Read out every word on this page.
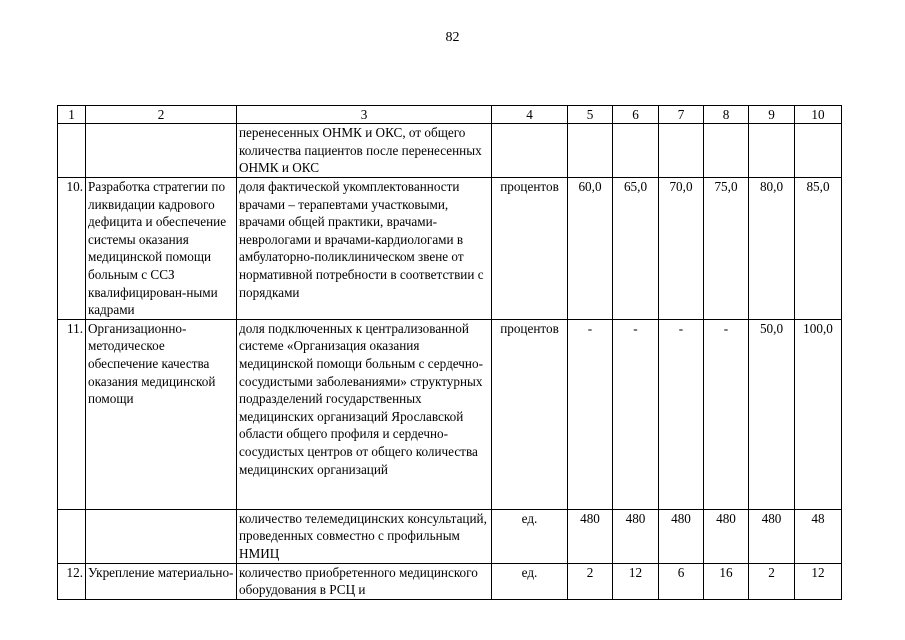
82
1	2	3	4	5	6	7	8	9	10
		перенесенных ОНМК и ОКС, от общего количества пациентов после перенесенных ОНМК и ОКС							
10.	Разработка стратегии по ликвидации кадрового дефицита и обеспечение системы оказания медицинской помощи больным с ССЗ квалифицирован-ными кадрами	доля фактической укомплектованности врачами – терапевтами участковыми, врачами общей практики, врачами-неврологами и врачами-кардиологами в амбулаторно-поликлиническом звене от нормативной потребности в соответствии с порядками	процентов	60,0	65,0	70,0	75,0	80,0	85,0
11.	Организационно-методическое обеспечение качества оказания медицинской помощи	доля подключенных к централизованной системе «Организация оказания медицинской помощи больным с сердечно-сосудистыми заболеваниями» структурных подразделений государственных медицинских организаций Ярославской области общего профиля и сердечно-сосудистых центров от общего количества медицинских организаций	процентов	-	-	-	-	50,0	100,0
		количество телемедицинских консультаций, проведенных совместно с профильным НМИЦ	ед.	480	480	480	480	480	48
12.	Укрепление материально-	количество приобретенного медицинского оборудования в РСЦ и	ед.	2	12	6	16	2	12
